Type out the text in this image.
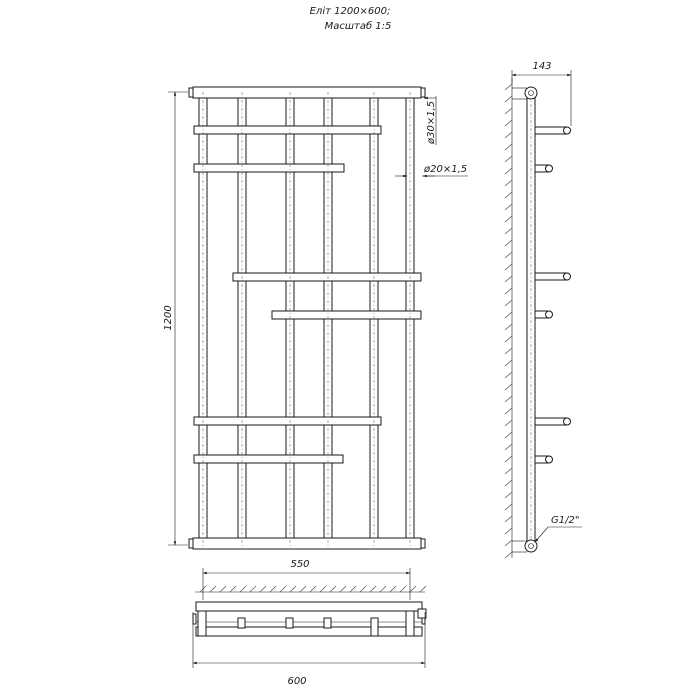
Еліт 1200×600;
Масштаб 1:5
1200
ø30×1,5
ø20×1,5
550
600
143
G1/2"
